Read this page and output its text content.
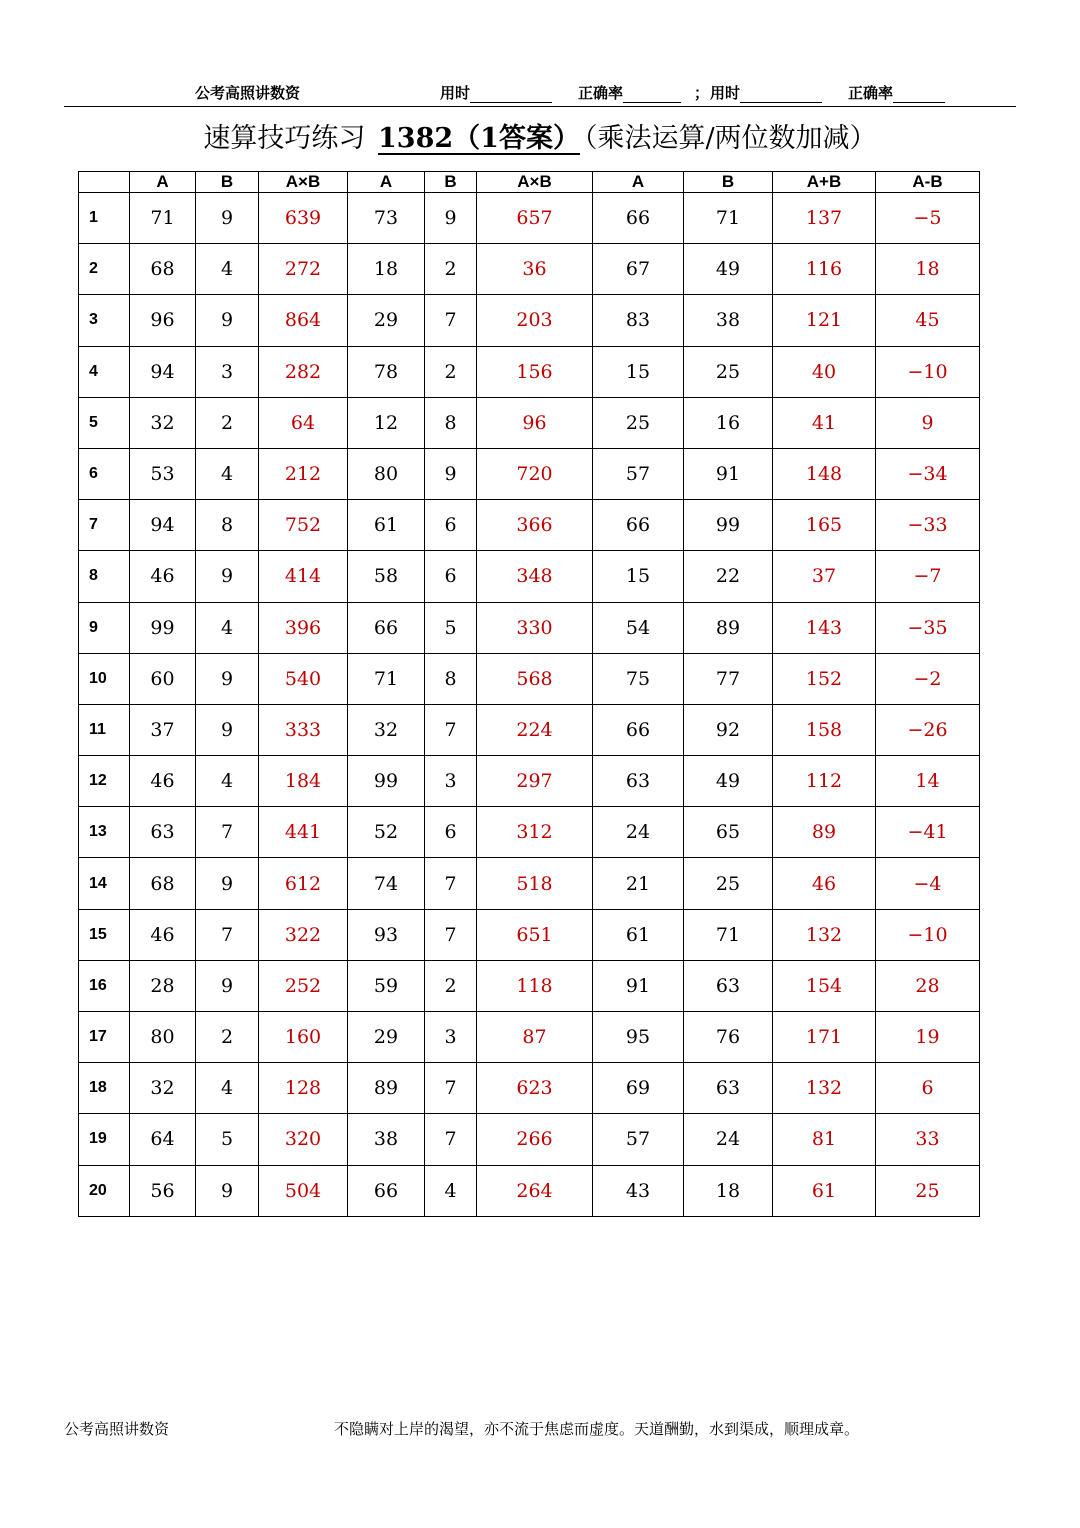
公考高照讲数资	用时	正确率	； 用时	正确率
速算技巧练习 1382（1答案） （乘法运算/两位数加减）
	A	B	A×B	A	B	A×B	A	B	A+B	A-B
1	71	9	639	73	9	657	66	71	137	−5
2	68	4	272	18	2	36	67	49	116	18
3	96	9	864	29	7	203	83	38	121	45
4	94	3	282	78	2	156	15	25	40	−10
5	32	2	64	12	8	96	25	16	41	9
6	53	4	212	80	9	720	57	91	148	−34
7	94	8	752	61	6	366	66	99	165	−33
8	46	9	414	58	6	348	15	22	37	−7
9	99	4	396	66	5	330	54	89	143	−35
10	60	9	540	71	8	568	75	77	152	−2
11	37	9	333	32	7	224	66	92	158	−26
12	46	4	184	99	3	297	63	49	112	14
13	63	7	441	52	6	312	24	65	89	−41
14	68	9	612	74	7	518	21	25	46	−4
15	46	7	322	93	7	651	61	71	132	−10
16	28	9	252	59	2	118	91	63	154	28
17	80	2	160	29	3	87	95	76	171	19
18	32	4	128	89	7	623	69	63	132	6
19	64	5	320	38	7	266	57	24	81	33
20	56	9	504	66	4	264	43	18	61	25
公考高照讲数资	不隐瞒对上岸的渴望，亦不流于焦虑而虚度。天道酬勤，水到渠成，顺理成章。
